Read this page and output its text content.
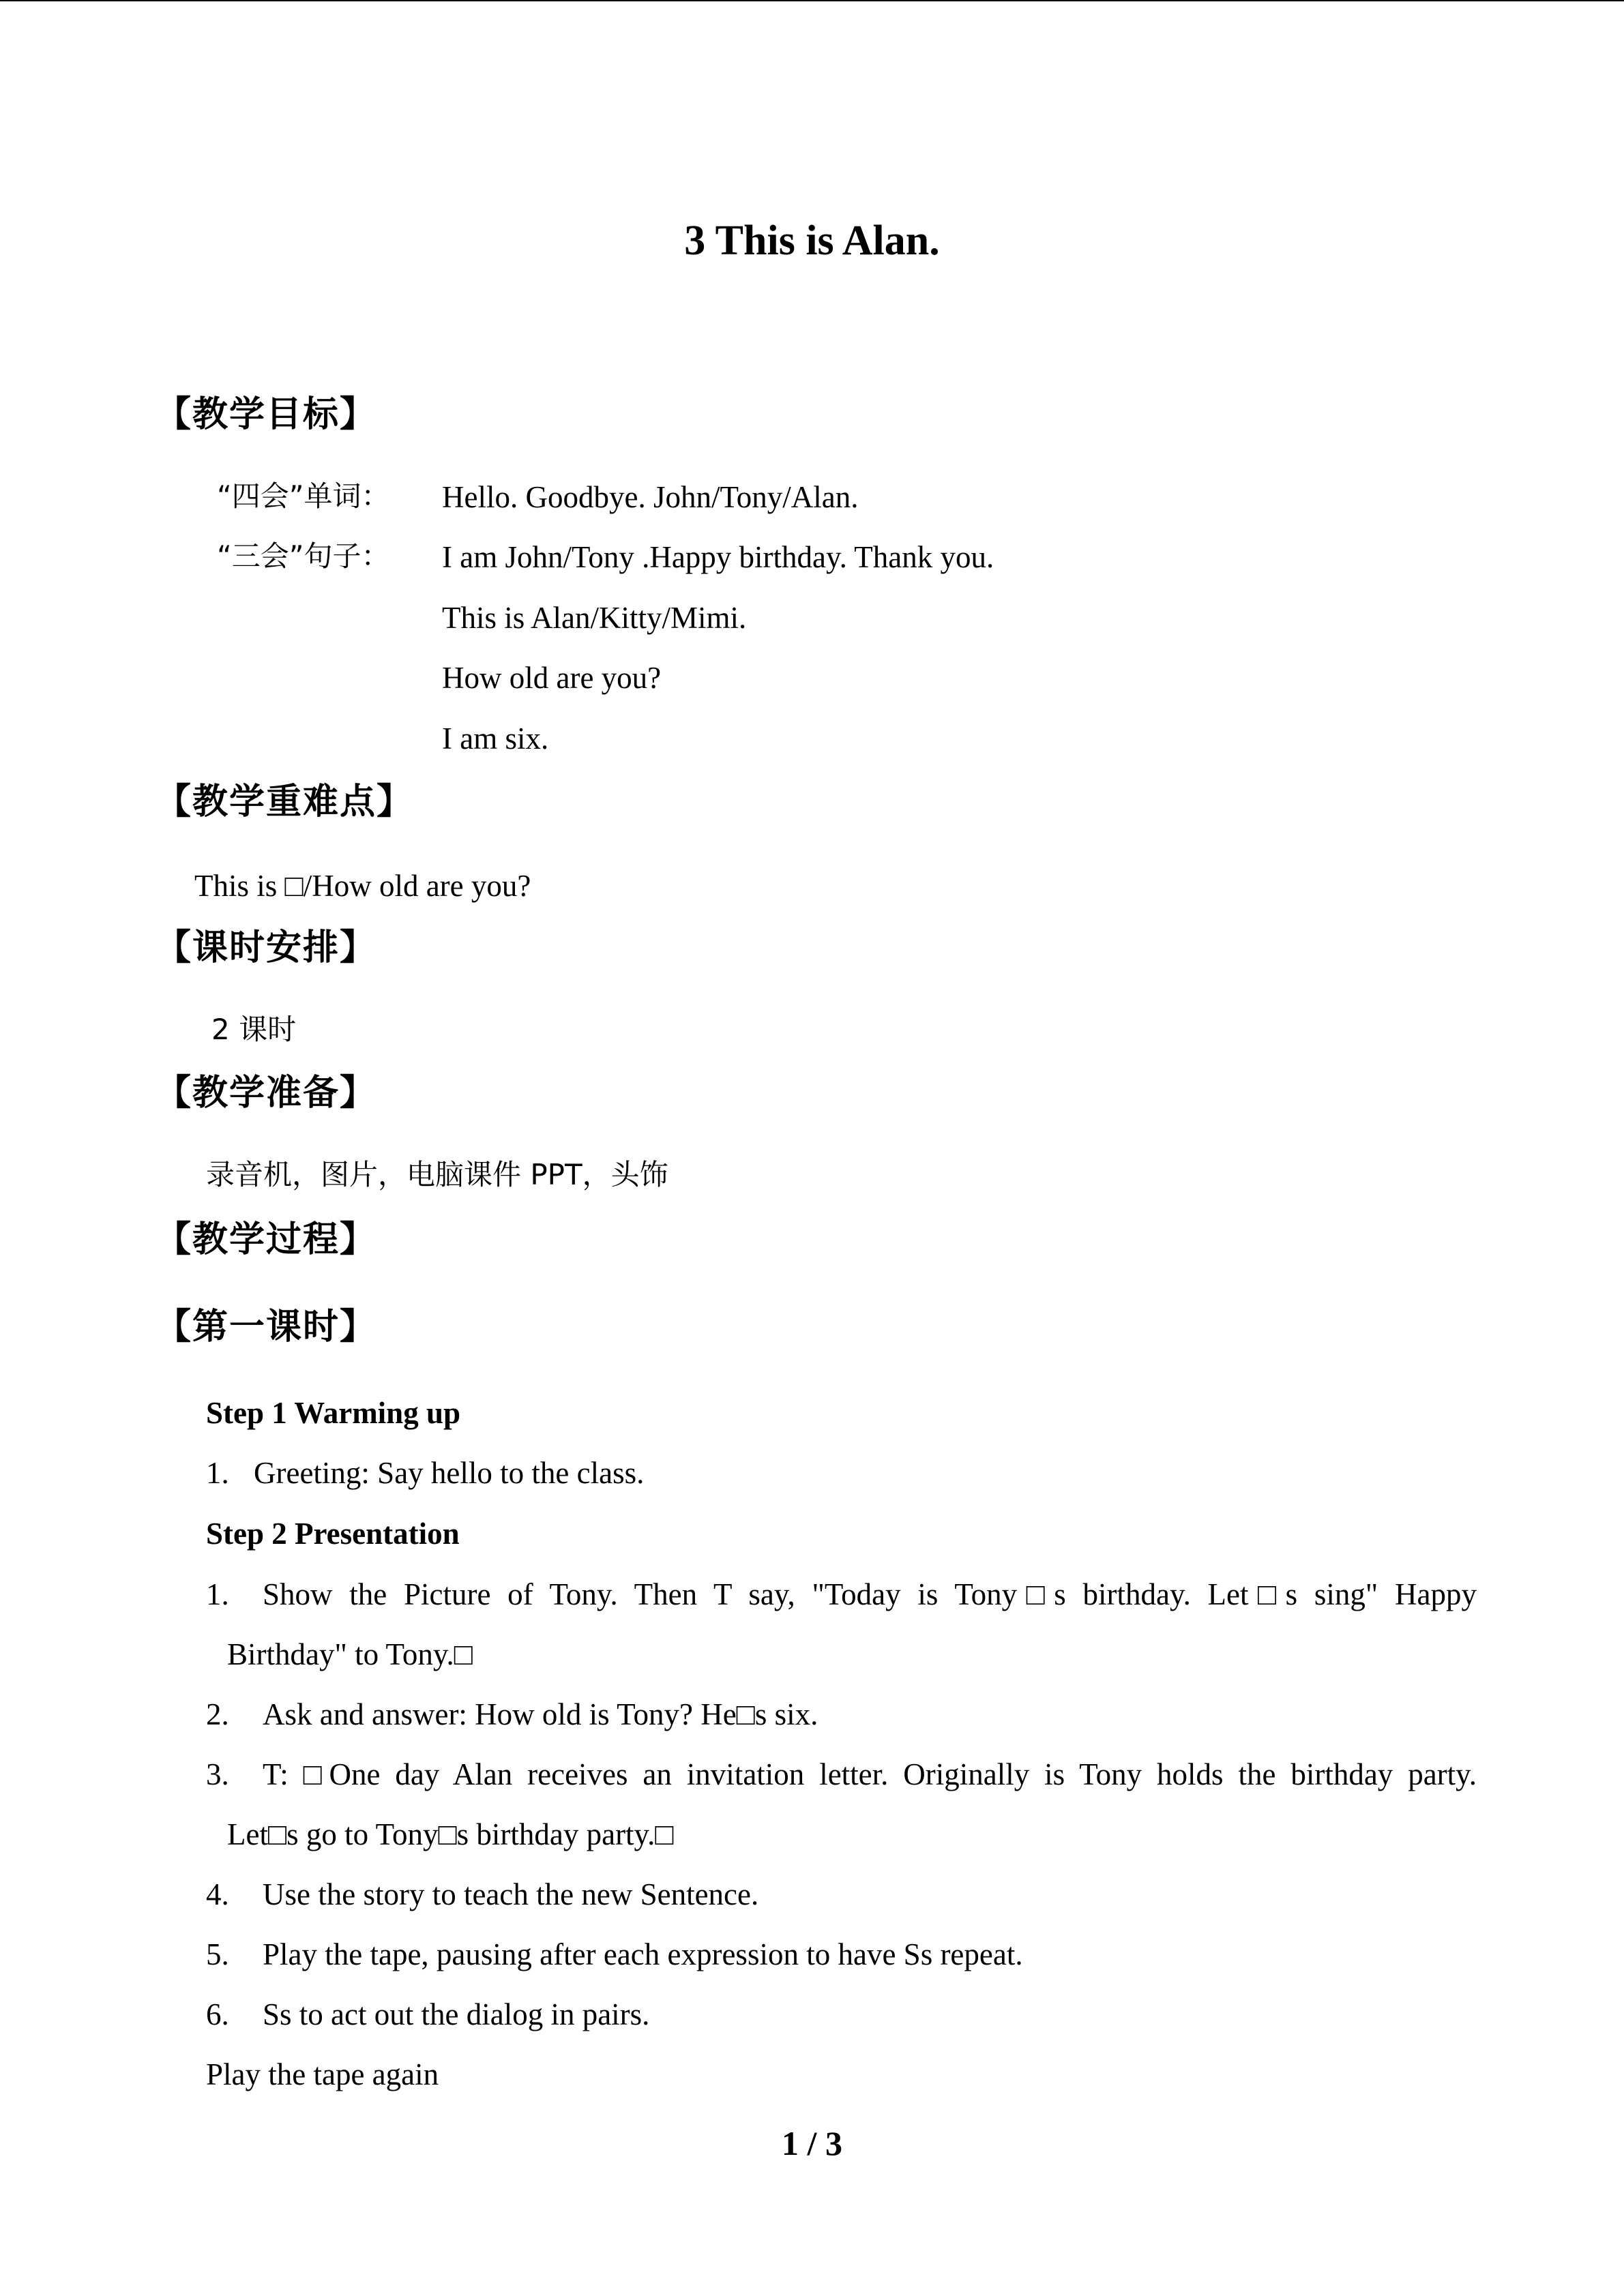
3 This is Alan.
【教学目标】
“四会”单词： Hello. Goodbye. John/Tony/Alan.
“三会”句子： I am John/Tony .Happy birthday. Thank you.
This is Alan/Kitty/Mimi.
How old are you?
I am six.
【教学重难点】
This is □/How old are you?
【课时安排】
2 课时
【教学准备】
录音机，图片，电脑课件 PPT，头饰
【教学过程】
【第一课时】
Step 1 Warming up
1. Greeting: Say hello to the class.
Step 2 Presentation
1. Show the Picture of Tony. Then T say, "Today is Tony□s birthday. Let□s sing" Happy
Birthday" to Tony.□
2. Ask and answer: How old is Tony? He□s six.
3. T: □One day Alan receives an invitation letter. Originally is Tony holds the birthday party.
Let□s go to Tony□s birthday party.□
4. Use the story to teach the new Sentence.
5. Play the tape, pausing after each expression to have Ss repeat.
6. Ss to act out the dialog in pairs.
Play the tape again
1 / 3
